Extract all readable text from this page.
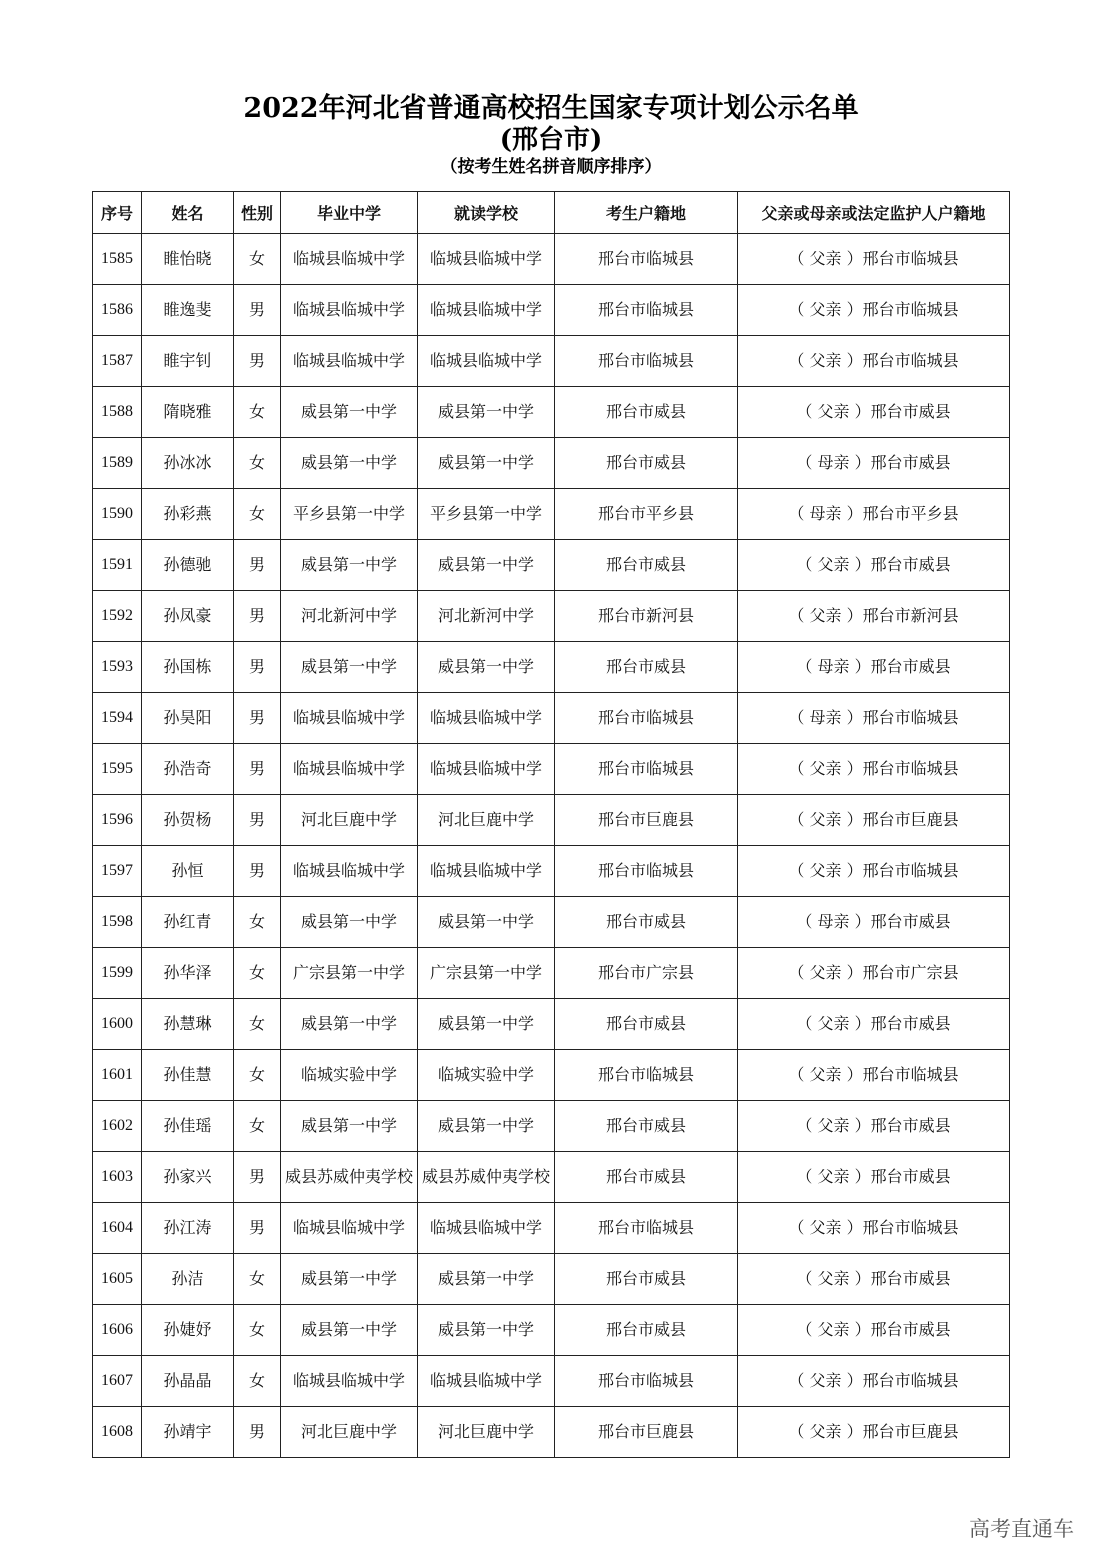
2022年河北省普通高校招生国家专项计划公示名单
(邢台市)
（按考生姓名拼音顺序排序）
序号	姓名	性别	毕业中学	就读学校	考生户籍地	父亲或母亲或法定监护人户籍地
1585	睢怡晓	女	临城县临城中学	临城县临城中学	邢台市临城县	（ 父亲 ）邢台市临城县
1586	睢逸斐	男	临城县临城中学	临城县临城中学	邢台市临城县	（ 父亲 ）邢台市临城县
1587	睢宇钊	男	临城县临城中学	临城县临城中学	邢台市临城县	（ 父亲 ）邢台市临城县
1588	隋晓雅	女	威县第一中学	威县第一中学	邢台市威县	（ 父亲 ）邢台市威县
1589	孙冰冰	女	威县第一中学	威县第一中学	邢台市威县	（ 母亲 ）邢台市威县
1590	孙彩燕	女	平乡县第一中学	平乡县第一中学	邢台市平乡县	（ 母亲 ）邢台市平乡县
1591	孙德驰	男	威县第一中学	威县第一中学	邢台市威县	（ 父亲 ）邢台市威县
1592	孙凤豪	男	河北新河中学	河北新河中学	邢台市新河县	（ 父亲 ）邢台市新河县
1593	孙国栋	男	威县第一中学	威县第一中学	邢台市威县	（ 母亲 ）邢台市威县
1594	孙昊阳	男	临城县临城中学	临城县临城中学	邢台市临城县	（ 母亲 ）邢台市临城县
1595	孙浩奇	男	临城县临城中学	临城县临城中学	邢台市临城县	（ 父亲 ）邢台市临城县
1596	孙贺杨	男	河北巨鹿中学	河北巨鹿中学	邢台市巨鹿县	（ 父亲 ）邢台市巨鹿县
1597	孙恒	男	临城县临城中学	临城县临城中学	邢台市临城县	（ 父亲 ）邢台市临城县
1598	孙红青	女	威县第一中学	威县第一中学	邢台市威县	（ 母亲 ）邢台市威县
1599	孙华泽	女	广宗县第一中学	广宗县第一中学	邢台市广宗县	（ 父亲 ）邢台市广宗县
1600	孙慧琳	女	威县第一中学	威县第一中学	邢台市威县	（ 父亲 ）邢台市威县
1601	孙佳慧	女	临城实验中学	临城实验中学	邢台市临城县	（ 父亲 ）邢台市临城县
1602	孙佳瑶	女	威县第一中学	威县第一中学	邢台市威县	（ 父亲 ）邢台市威县
1603	孙家兴	男	威县苏威仲夷学校	威县苏威仲夷学校	邢台市威县	（ 父亲 ）邢台市威县
1604	孙江涛	男	临城县临城中学	临城县临城中学	邢台市临城县	（ 父亲 ）邢台市临城县
1605	孙洁	女	威县第一中学	威县第一中学	邢台市威县	（ 父亲 ）邢台市威县
1606	孙婕妤	女	威县第一中学	威县第一中学	邢台市威县	（ 父亲 ）邢台市威县
1607	孙晶晶	女	临城县临城中学	临城县临城中学	邢台市临城县	（ 父亲 ）邢台市临城县
1608	孙靖宇	男	河北巨鹿中学	河北巨鹿中学	邢台市巨鹿县	（ 父亲 ）邢台市巨鹿县
高考直通车
